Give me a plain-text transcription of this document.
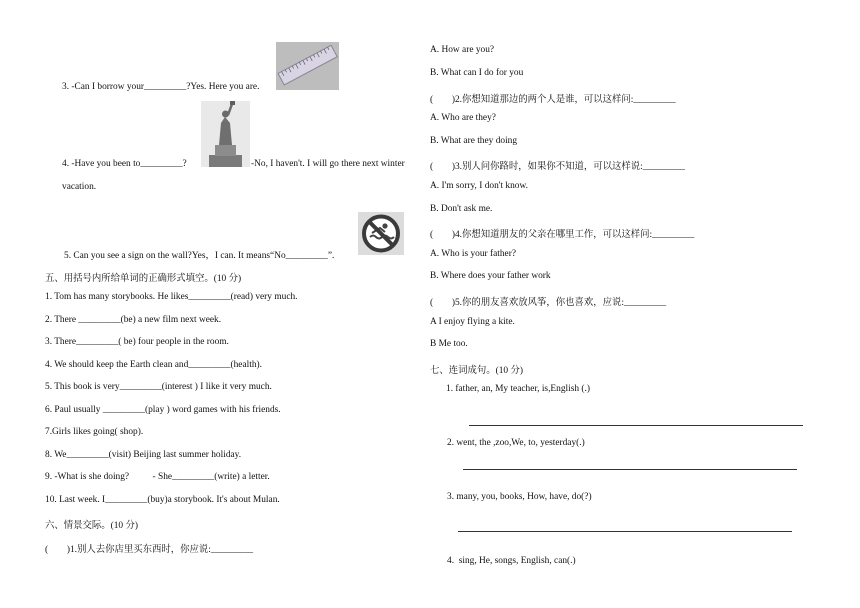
3. -Can I borrow your_________?Yes. Here you are.
4. -Have you been to_________?	-No, I haven't. I will go there next winter
vacation.
5. Can you see a sign on the wall?Yes，I can. It means“No_________”.
五、用括号内所给单词的正确形式填空。(10 分)
1. Tom has many storybooks. He likes_________(read) very much.
2. There _________(be) a new film next week.
3. There_________( be) four people in the room.
4. We should keep the Earth clean and_________(health).
5. This book is very_________(interest ) I like it very much.
6. Paul usually _________(play ) word games with his friends.
7.Girls likes going( shop).
8. We_________(visit) Beijing last summer holiday.
9. -What is she doing?          - She_________(write) a letter.
10. Last week. I_________(buy)a storybook. It's about Mulan.
六、情景交际。(10 分)
(        )1.别人去你店里买东西时，你应说:_________
A. How are you?
B. What can I do for you
(        )2.你想知道那边的两个人是谁，可以这样问:_________
A. Who are they?
B. What are they doing
(        )3.别人问你路时，如果你不知道，可以这样说:_________
A. I'm sorry, I don't know.
B. Don't ask me.
(        )4.你想知道朋友的父亲在哪里工作，可以这样问:_________
A. Who is your father?
B. Where does your father work
(        )5.你的朋友喜欢放风筝，你也喜欢，应说:_________
A I enjoy flying a kite.
B Me too.
七、连词成句。(10 分)
1. father, an, My teacher, is,English (.)
2. went, the ,zoo,We, to, yesterday(.)
3. many, you, books, How, have, do(?)
4.  sing, He, songs, English, can(.)
